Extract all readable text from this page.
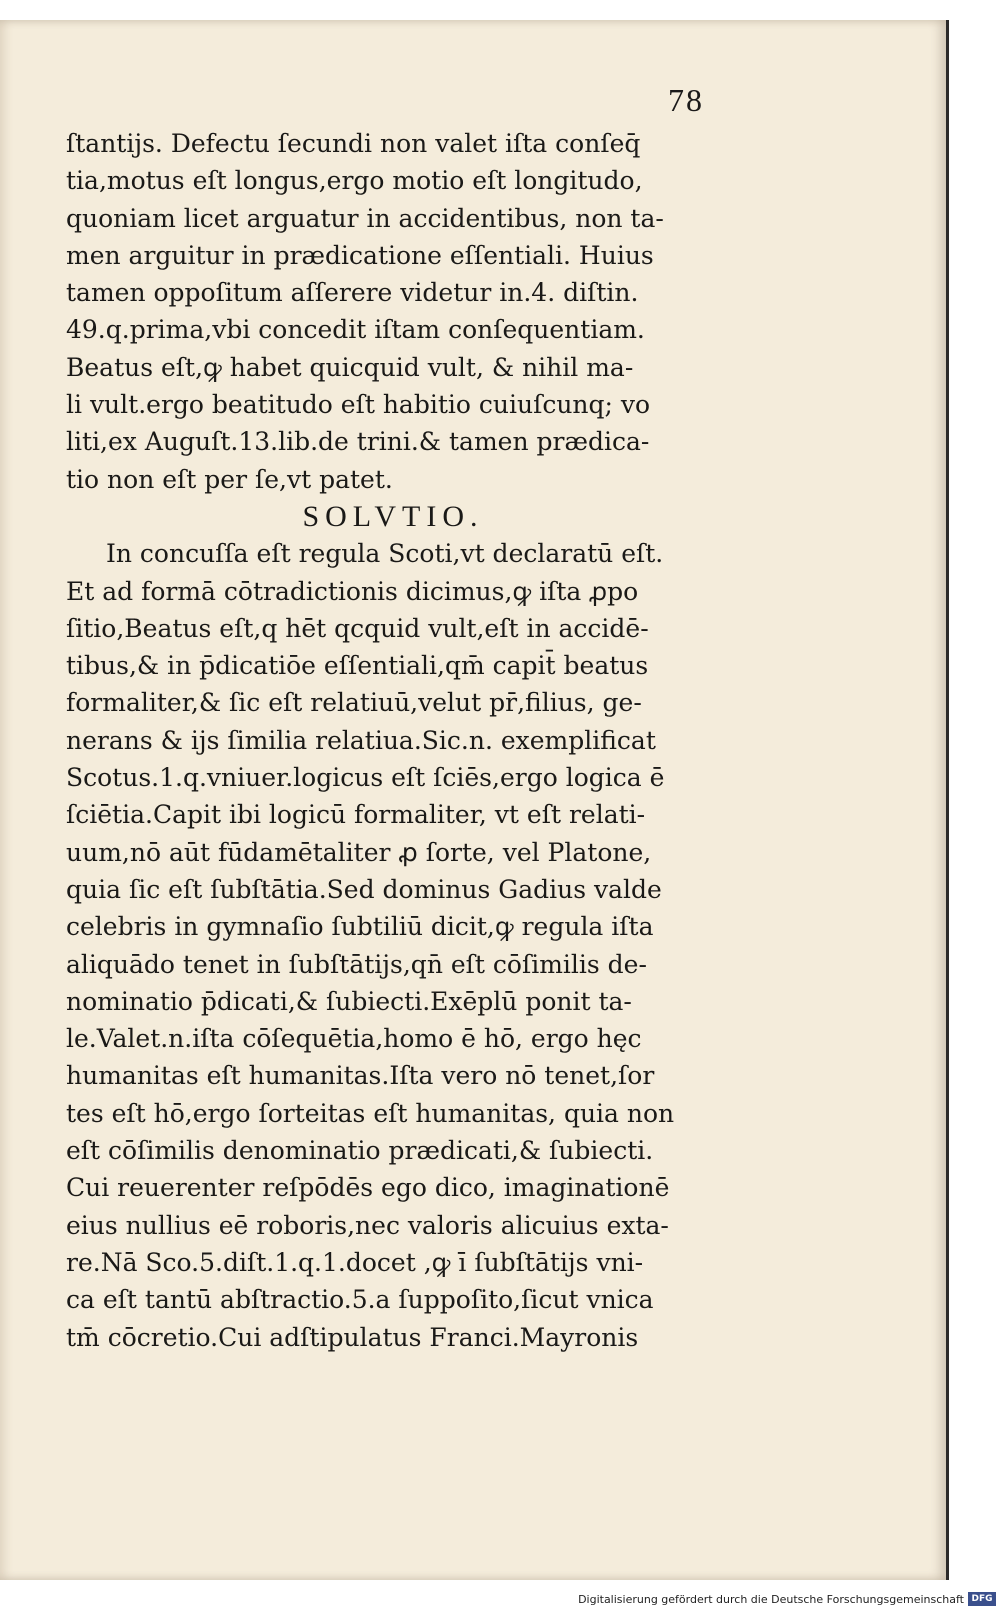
78
ſtantijs. Defectu ſecundi non valet iſta conſeq̄
tia,motus eſt longus,ergo motio eſt longitudo,
quoniam licet arguatur in accidentibus, non ta-
men arguitur in prædicatione eſſentiali. Huius
tamen oppoſitum aſſerere videtur in.4. diſtin.
49.q.prima,vbi concedit iſtam conſequentiam.
Beatus eſt,ꝙ habet quicquid vult, & nihil ma-
li vult.ergo beatitudo eſt habitio cuiuſcunq; vo
liti,ex Auguſt.13.lib.de trini.& tamen prædica-
tio non eſt per ſe,vt patet.
SOLVTIO.
In concuſſa eſt regula Scoti,vt declaratū eſt.
Et ad formā cōtradictionis dicimus,ꝙ iſta ꝓpo
ſitio,Beatus eſt,q hēt qcquid vult,eſt in accidē-
tibus,& in p̄dicatiōe eſſentiali,qm̄ capit̄ beatus
formaliter,& ſic eſt relatiuū,velut pr̄,filius, ge-
nerans & ijs ſimilia relatiua.Sic.n. exemplificat
Scotus.1.q.vniuer.logicus eſt ſciēs,ergo logica ē
ſciētia.Capit ibi logicū formaliter, vt eſt relati-
uum,nō aūt fūdamētaliter ꝓ ſorte, vel Platone,
quia ſic eſt ſubſtātia.Sed dominus Gadius valde
celebris in gymnaſio ſubtiliū dicit,ꝙ regula iſta
aliquādo tenet in ſubſtātijs,qn̄ eſt cōſimilis de-
nominatio p̄dicati,& ſubiecti.Exēplū ponit ta-
le.Valet.n.iſta cōſequētia,homo ē hō, ergo hęc
humanitas eſt humanitas.Iſta vero nō tenet,ſor
tes eſt hō,ergo ſorteitas eſt humanitas, quia non
eſt cōſimilis denominatio prædicati,& ſubiecti.
Cui reuerenter reſpōdēs ego dico, imaginationē
eius nullius eē roboris,nec valoris alicuius exta-
re.Nā Sco.5.diſt.1.q.1.docet ,ꝙ ī ſubſtātijs vni-
ca eſt tantū abſtractio.5.a ſuppoſito,ſicut vnica
tm̄ cōcretio.Cui adſtipulatus Franci.Mayronis
Digitalisierung gefördert durch die Deutsche Forschungsgemeinschaft DFG
